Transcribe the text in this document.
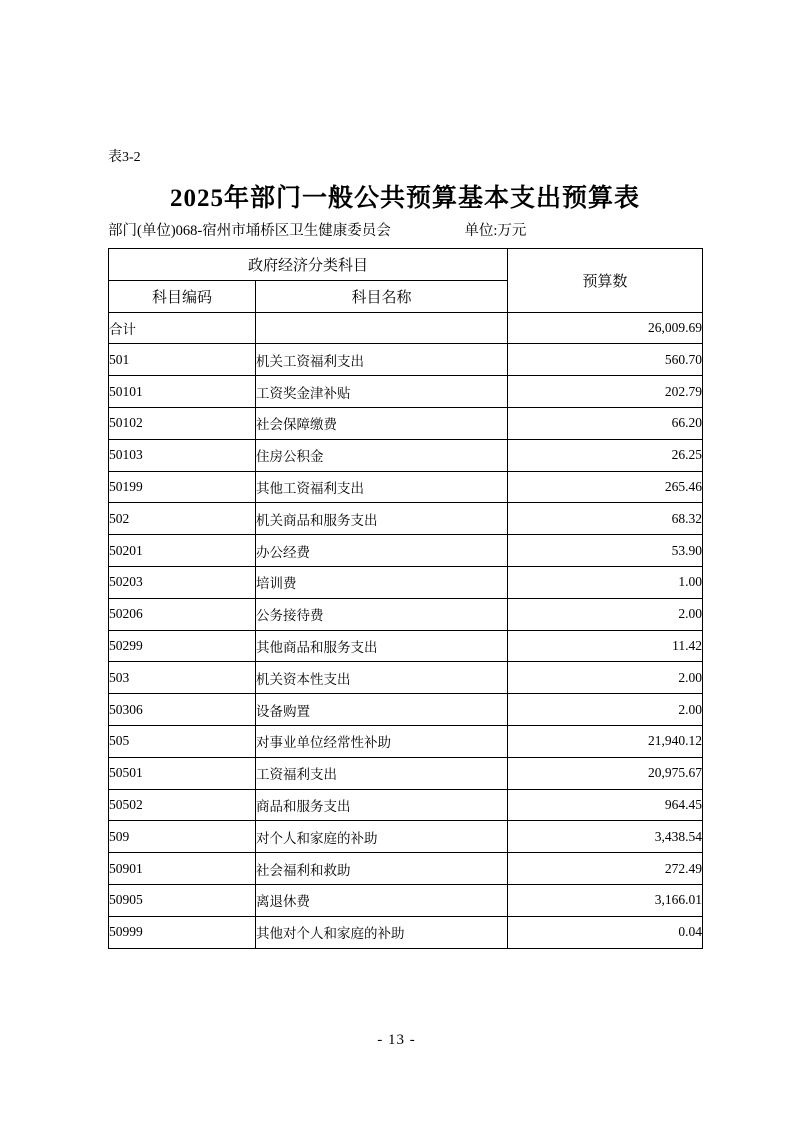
表3-2
2025年部门一般公共预算基本支出预算表
部门(单位)068-宿州市埇桥区卫生健康委员会	单位:万元
政府经济分类科目		预算数
科目编码	科目名称	
合计		26,009.69
501	机关工资福利支出	560.70
50101	工资奖金津补贴	202.79
50102	社会保障缴费	66.20
50103	住房公积金	26.25
50199	其他工资福利支出	265.46
502	机关商品和服务支出	68.32
50201	办公经费	53.90
50203	培训费	1.00
50206	公务接待费	2.00
50299	其他商品和服务支出	11.42
503	机关资本性支出	2.00
50306	设备购置	2.00
505	对事业单位经常性补助	21,940.12
50501	工资福利支出	20,975.67
50502	商品和服务支出	964.45
509	对个人和家庭的补助	3,438.54
50901	社会福利和救助	272.49
50905	离退休费	3,166.01
50999	其他对个人和家庭的补助	0.04
- 13 -
